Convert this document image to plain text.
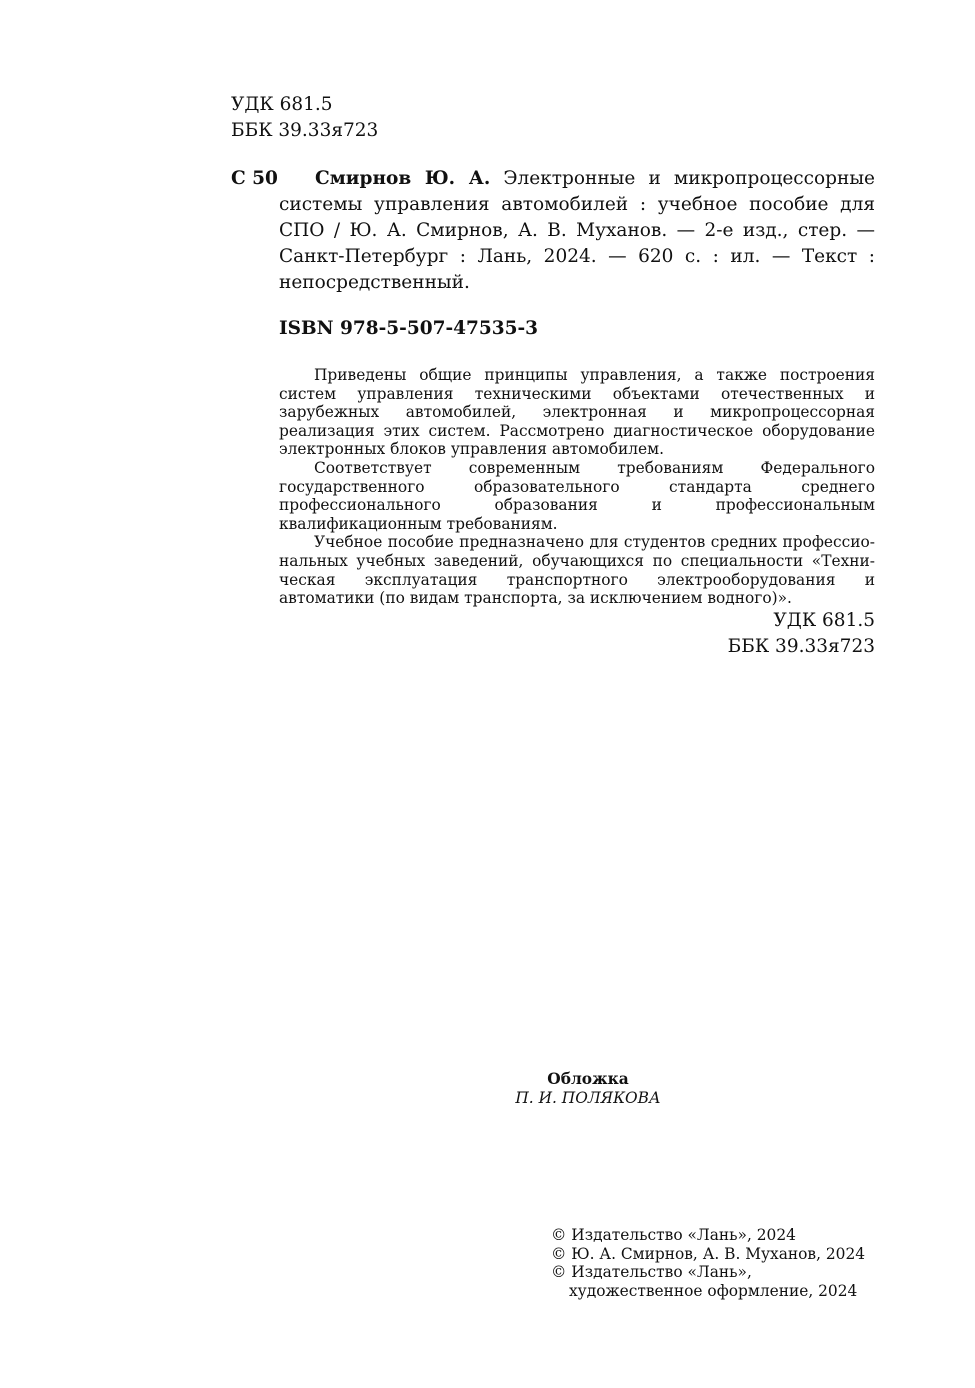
УДК 681.5
ББК 39.33я723
С 50	Смирнов Ю. А. Электронные и микропроцессорные системы управления автомобилей : учебное пособие для СПО / Ю. А. Смирнов, А. В. Муханов. — 2-е изд., стер. — Санкт-Петербург : Лань, 2024. — 620 с. : ил. — Текст : непосредственный.
ISBN 978-5-507-47535-3

Приведены общие принципы управления, а также построения систем управления техническими объектами отечественных и зарубежных автомобилей, электронная и микропроцессорная реализация этих систем. Рассмотрено диагностическое оборудование электронных блоков управления автомобилем.

Соответствует современным требованиям Федерального государственного образовательного стандарта среднего профессионального образования и профессиональным квалификационным требованиям.

Учебное пособие предназначено для студентов средних профессиональных учебных заведений, обучающихся по специальности «Техническая эксплуатация транспортного электрооборудования и автоматики (по видам транспорта, за исключением водного)».

УДК 681.5
ББК 39.33я723
Обложка
П. И. ПОЛЯКОВА
© Издательство «Лань», 2024
© Ю. А. Смирнов, А. В. Муханов, 2024
© Издательство «Лань»,
художественное оформление, 2024
